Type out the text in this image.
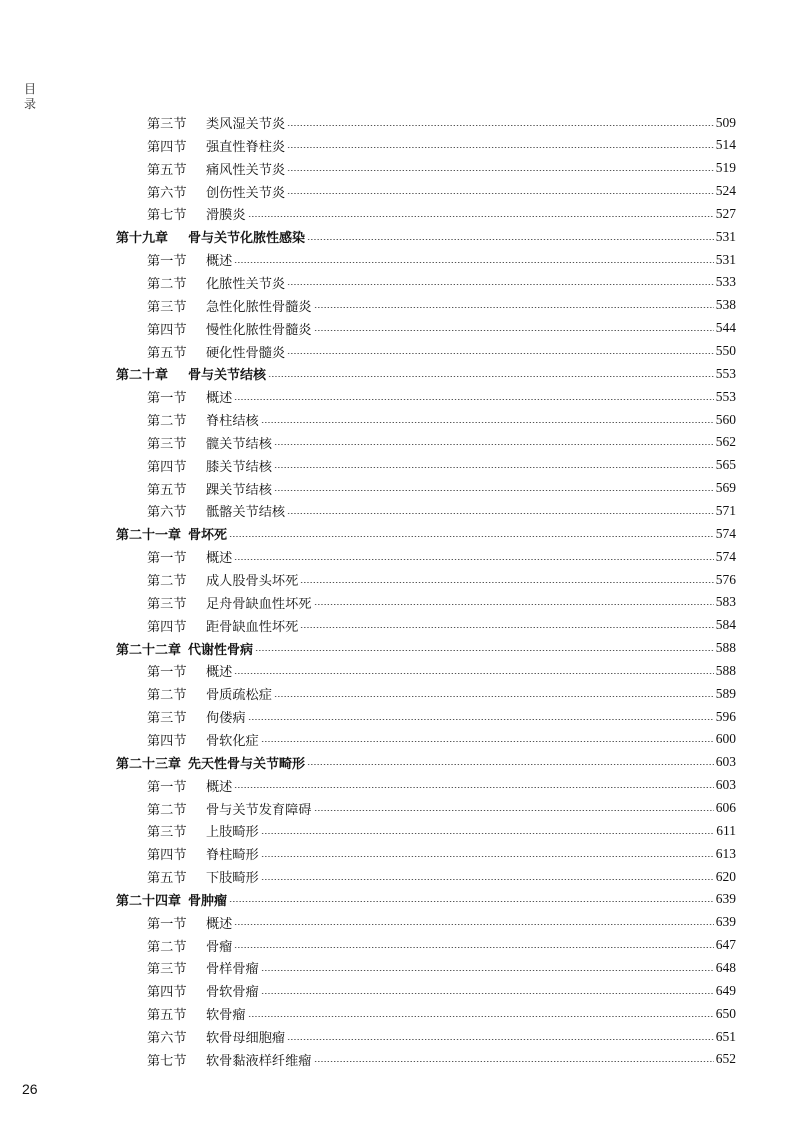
目
录
第三节	类风湿关节炎	509
第四节	强直性脊柱炎	514
第五节	痛风性关节炎	519
第六节	创伤性关节炎	524
第七节	滑膜炎	527
第十九章	骨与关节化脓性感染	531
第一节	概述	531
第二节	化脓性关节炎	533
第三节	急性化脓性骨髓炎	538
第四节	慢性化脓性骨髓炎	544
第五节	硬化性骨髓炎	550
第二十章	骨与关节结核	553
第一节	概述	553
第二节	脊柱结核	560
第三节	髋关节结核	562
第四节	膝关节结核	565
第五节	踝关节结核	569
第六节	骶髂关节结核	571
第二十一章 骨坏死	574
第一节	概述	574
第二节	成人股骨头坏死	576
第三节	足舟骨缺血性坏死	583
第四节	距骨缺血性坏死	584
第二十二章 代谢性骨病	588
第一节	概述	588
第二节	骨质疏松症	589
第三节	佝偻病	596
第四节	骨软化症	600
第二十三章 先天性骨与关节畸形	603
第一节	概述	603
第二节	骨与关节发育障碍	606
第三节	上肢畸形	611
第四节	脊柱畸形	613
第五节	下肢畸形	620
第二十四章 骨肿瘤	639
第一节	概述	639
第二节	骨瘤	647
第三节	骨样骨瘤	648
第四节	骨软骨瘤	649
第五节	软骨瘤	650
第六节	软骨母细胞瘤	651
第七节	软骨黏液样纤维瘤	652
26
